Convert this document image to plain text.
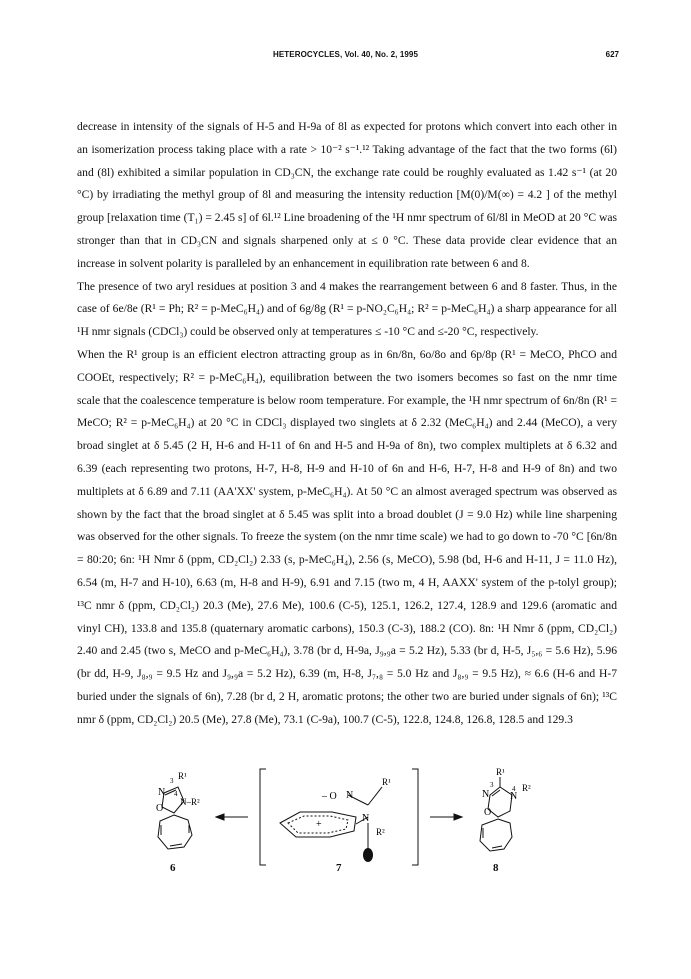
HETEROCYCLES, Vol. 40, No. 2, 1995	627

decrease in intensity of the signals of H-5 and H-9a of 8l as expected for protons which convert into each other in an isomerization process taking place with a rate > 10⁻² s⁻¹.¹² Taking advantage of the fact that the two forms (6l) and (8l) exhibited a similar population in CD₃CN, the exchange rate could be roughly evaluated as 1.42 s⁻¹ (at 20 °C) by irradiating the methyl group of 8l and measuring the intensity reduction [M(0)/M(∞) = 4.2 ] of the methyl group [relaxation time (T₁) = 2.45 s] of 6l.¹² Line broadening of the ¹H nmr spectrum of 6l/8l in MeOD at 20 °C was stronger than that in CD₃CN and signals sharpened only at ≤ 0 °C. These data provide clear evidence that an increase in solvent polarity is paralleled by an enhancement in equilibration rate between 6 and 8.

The presence of two aryl residues at position 3 and 4 makes the rearrangement between 6 and 8 faster. Thus, in the case of 6e/8e (R¹ = Ph; R² = p-MeC₆H₄) and of 6g/8g (R¹ = p-NO₂C₆H₄; R² = p-MeC₆H₄) a sharp appearance for all ¹H nmr signals (CDCl₃) could be observed only at temperatures ≤ -10 °C and ≤-20 °C, respectively.

When the R¹ group is an efficient electron attracting group as in 6n/8n, 6o/8o and 6p/8p (R¹ = MeCO, PhCO and COOEt, respectively; R² = p-MeC₆H₄), equilibration between the two isomers becomes so fast on the nmr time scale that the coalescence temperature is below room temperature. For example, the ¹H nmr spectrum of 6n/8n (R¹ = MeCO; R² = p-MeC₆H₄) at 20 °C in CDCl₃ displayed two singlets at δ 2.32 (MeC₆H₄) and 2.44 (MeCO), a very broad singlet at δ 5.45 (2 H, H-6 and H-11 of 6n and H-5 and H-9a of 8n), two complex multiplets at δ 6.32 and 6.39 (each representing two protons, H-7, H-8, H-9 and H-10 of 6n and H-6, H-7, H-8 and H-9 of 8n) and two multiplets at δ 6.89 and 7.11 (AA'XX' system, p-MeC₆H₄). At 50 °C an almost averaged spectrum was observed as shown by the fact that the broad singlet at δ 5.45 was split into a broad doublet (J = 9.0 Hz) while line sharpening was observed for the other signals. To freeze the system (on the nmr time scale) we had to go down to -70 °C [6n/8n = 80:20; 6n: ¹H Nmr δ (ppm, CD₂Cl₂) 2.33 (s, p-MeC₆H₄), 2.56 (s, MeCO), 5.98 (bd, H-6 and H-11, J = 11.0 Hz), 6.54 (m, H-7 and H-10), 6.63 (m, H-8 and H-9), 6.91 and 7.15 (two m, 4 H, AAXX' system of the p-tolyl group); ¹³C nmr δ (ppm, CD₂Cl₂) 20.3 (Me), 27.6 Me), 100.6 (C-5), 125.1, 126.2, 127.4, 128.9 and 129.6 (aromatic and vinyl CH), 133.8 and 135.8 (quaternary aromatic carbons), 150.3 (C-3), 188.2 (CO). 8n: ¹H Nmr δ (ppm, CD₂Cl₂) 2.40 and 2.45 (two s, MeCO and p-MeC₆H₄), 3.78 (br d, H-9a, J₉,₉a = 5.2 Hz), 5.33 (br d, H-5, J₅,₆ = 5.6 Hz), 5.96 (br dd, H-9, J₈,₉ = 9.5 Hz and J₉,₉a = 5.2 Hz), 6.39 (m, H-8, J₇,₈ = 5.0 Hz and J₈,₉ = 9.5 Hz), ≈ 6.6 (H-6 and H-7 buried under the signals of 6n), 7.28 (br d, 2 H, aromatic protons; the other two are buried under signals of 6n); ¹³C nmr δ (ppm, CD₂Cl₂) 20.5 (Me), 27.8 (Me), 73.1 (C-9a), 100.7 (C-5), 122.8, 124.8, 126.8, 128.5 and 129.3

N
O
4
3 R¹
N–R²	– O N
R¹
N
R²
+
R¹
3
N	4
N
R²
O
6	7	8
